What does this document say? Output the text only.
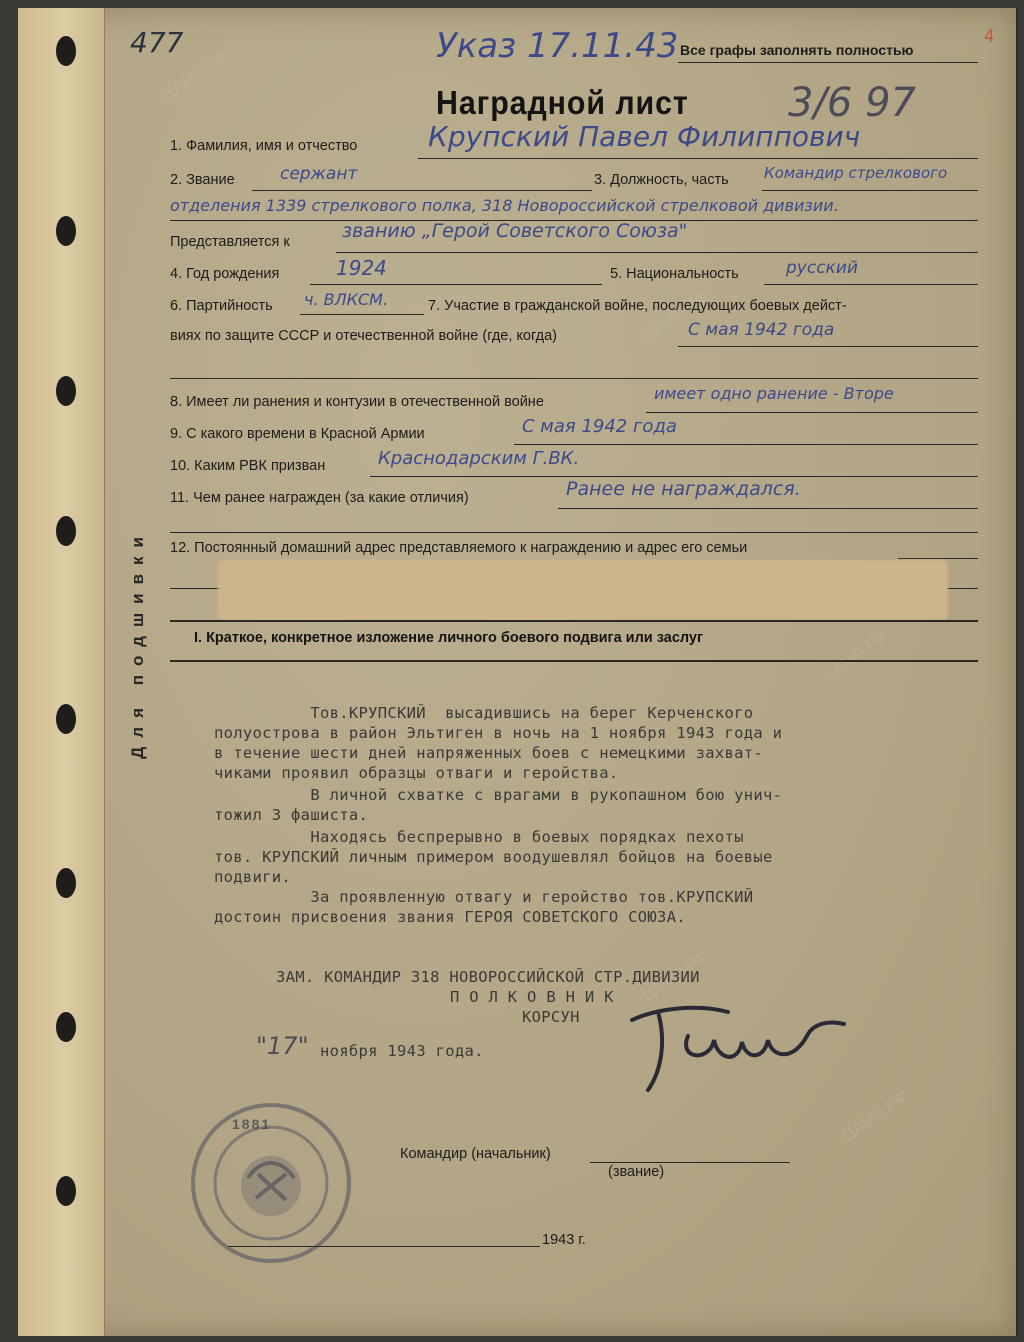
ЦАМО РФ
ЦАМО РФ
ЦАМО РФ
ЦАМО РФ
ЦАМО РФ
Для подшивки
477	Указ 17.11.43 Все графы заполнять полностью
4
Наградной лист 3/6 97
1. Фамилия, имя и отчество	Крупский Павел Филиппович
2. Звание	сержант	3. Должность, часть Командир стрелкового
отделения 1339 стрелкового полка, 318 Новороссийской стрелковой дивизии.
Представляется к	званию „Герой Советского Союза"
4. Год рождения	1924	5. Национальность	русский
6. Партийность ч. ВЛКСМ.	7. Участие в гражданской войне, последующих боевых дейст-
виях по защите СССР и отечественной войне (где, когда)	С мая 1942 года
8. Имеет ли ранения и контузии в отечественной войне	имеет одно ранение - Вторе
9. С какого времени в Красной Армии	С мая 1942 года
10. Каким РВК призван	Краснодарским Г.ВК.
11. Чем ранее награжден (за какие отличия)	Ранее не награждался.
12. Постоянный домашний адрес представляемого к награждению и адрес его семьи
I. Краткое, конкретное изложение личного боевого подвига или заслуг
Тов.КРУПСКИЙ  высадившись на берег Керченского
полуострова в район Эльтиген в ночь на 1 ноября 1943 года и
в течение шести дней напряженных боев с немецкими захват-
чиками проявил образцы отваги и геройства.
В личной схватке с врагами в рукопашном бою унич-
тожил 3 фашиста.
Находясь беспрерывно в боевых порядках пехоты
тов. КРУПСКИЙ личным примером воодушевлял бойцов на боевые
подвиги.
За проявленную отвагу и геройство тов.КРУПСКИЙ
достоин присвоения звания ГЕРОЯ СОВЕТСКОГО СОЮЗА.
ЗАМ. КОМАНДИР 318 НОВОРОССИЙСКОЙ СТР.ДИВИЗИИ
П О Л К О В Н И К
КОРСУН
"17" ноября 1943 года.
1881
Командир (начальник)
(звание)
1943 г.
